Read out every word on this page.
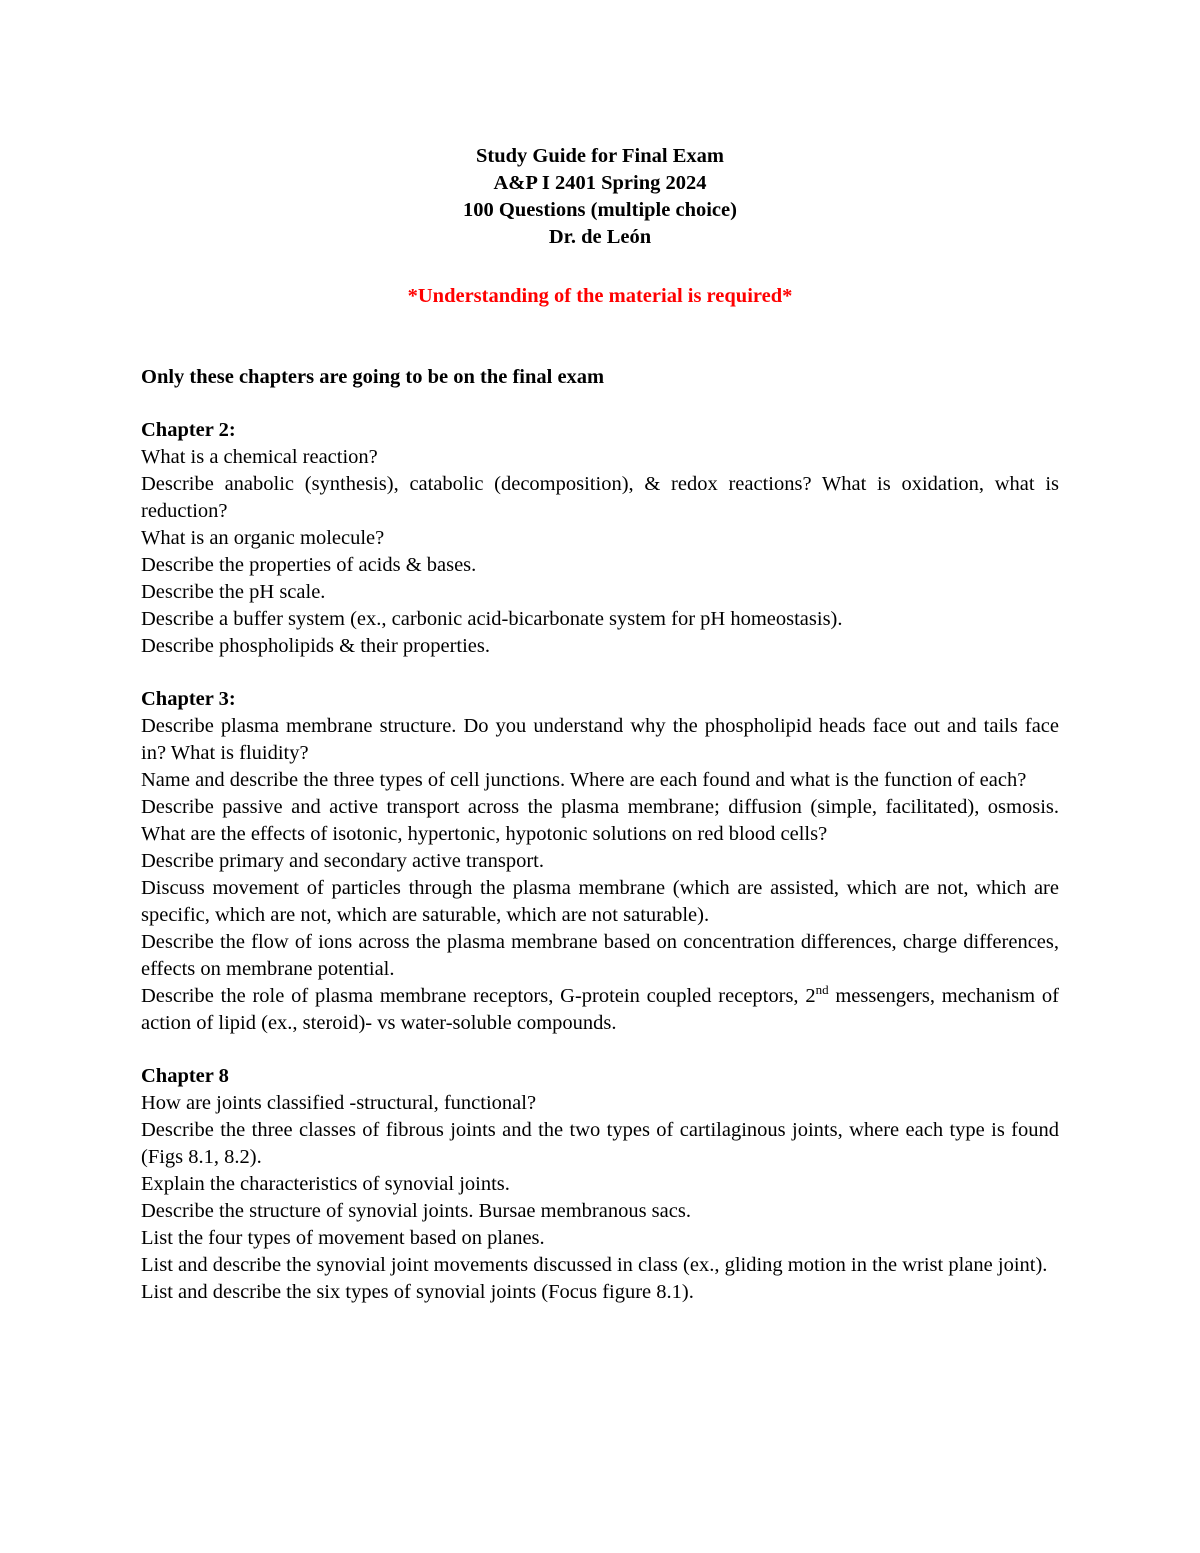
Study Guide for Final Exam
A&P I 2401 Spring 2024
100 Questions (multiple choice)
Dr. de León
*Understanding of the material is required*
Only these chapters are going to be on the final exam
Chapter 2:
What is a chemical reaction?
Describe anabolic (synthesis), catabolic (decomposition), & redox reactions? What is oxidation, what is reduction?
What is an organic molecule?
Describe the properties of acids & bases.
Describe the pH scale.
Describe a buffer system (ex., carbonic acid-bicarbonate system for pH homeostasis).
Describe phospholipids & their properties.
Chapter 3:
Describe plasma membrane structure. Do you understand why the phospholipid heads face out and tails face in? What is fluidity?
Name and describe the three types of cell junctions. Where are each found and what is the function of each?
Describe passive and active transport across the plasma membrane; diffusion (simple, facilitated), osmosis. What are the effects of isotonic, hypertonic, hypotonic solutions on red blood cells?
Describe primary and secondary active transport.
Discuss movement of particles through the plasma membrane (which are assisted, which are not, which are specific, which are not, which are saturable, which are not saturable).
Describe the flow of ions across the plasma membrane based on concentration differences, charge differences, effects on membrane potential.
Describe the role of plasma membrane receptors, G-protein coupled receptors, 2nd messengers, mechanism of action of lipid (ex., steroid)- vs water-soluble compounds.
Chapter 8
How are joints classified -structural, functional?
Describe the three classes of fibrous joints and the two types of cartilaginous joints, where each type is found (Figs 8.1, 8.2).
Explain the characteristics of synovial joints.
Describe the structure of synovial joints. Bursae membranous sacs.
List the four types of movement based on planes.
List and describe the synovial joint movements discussed in class (ex., gliding motion in the wrist plane joint).
List and describe the six types of synovial joints (Focus figure 8.1).
